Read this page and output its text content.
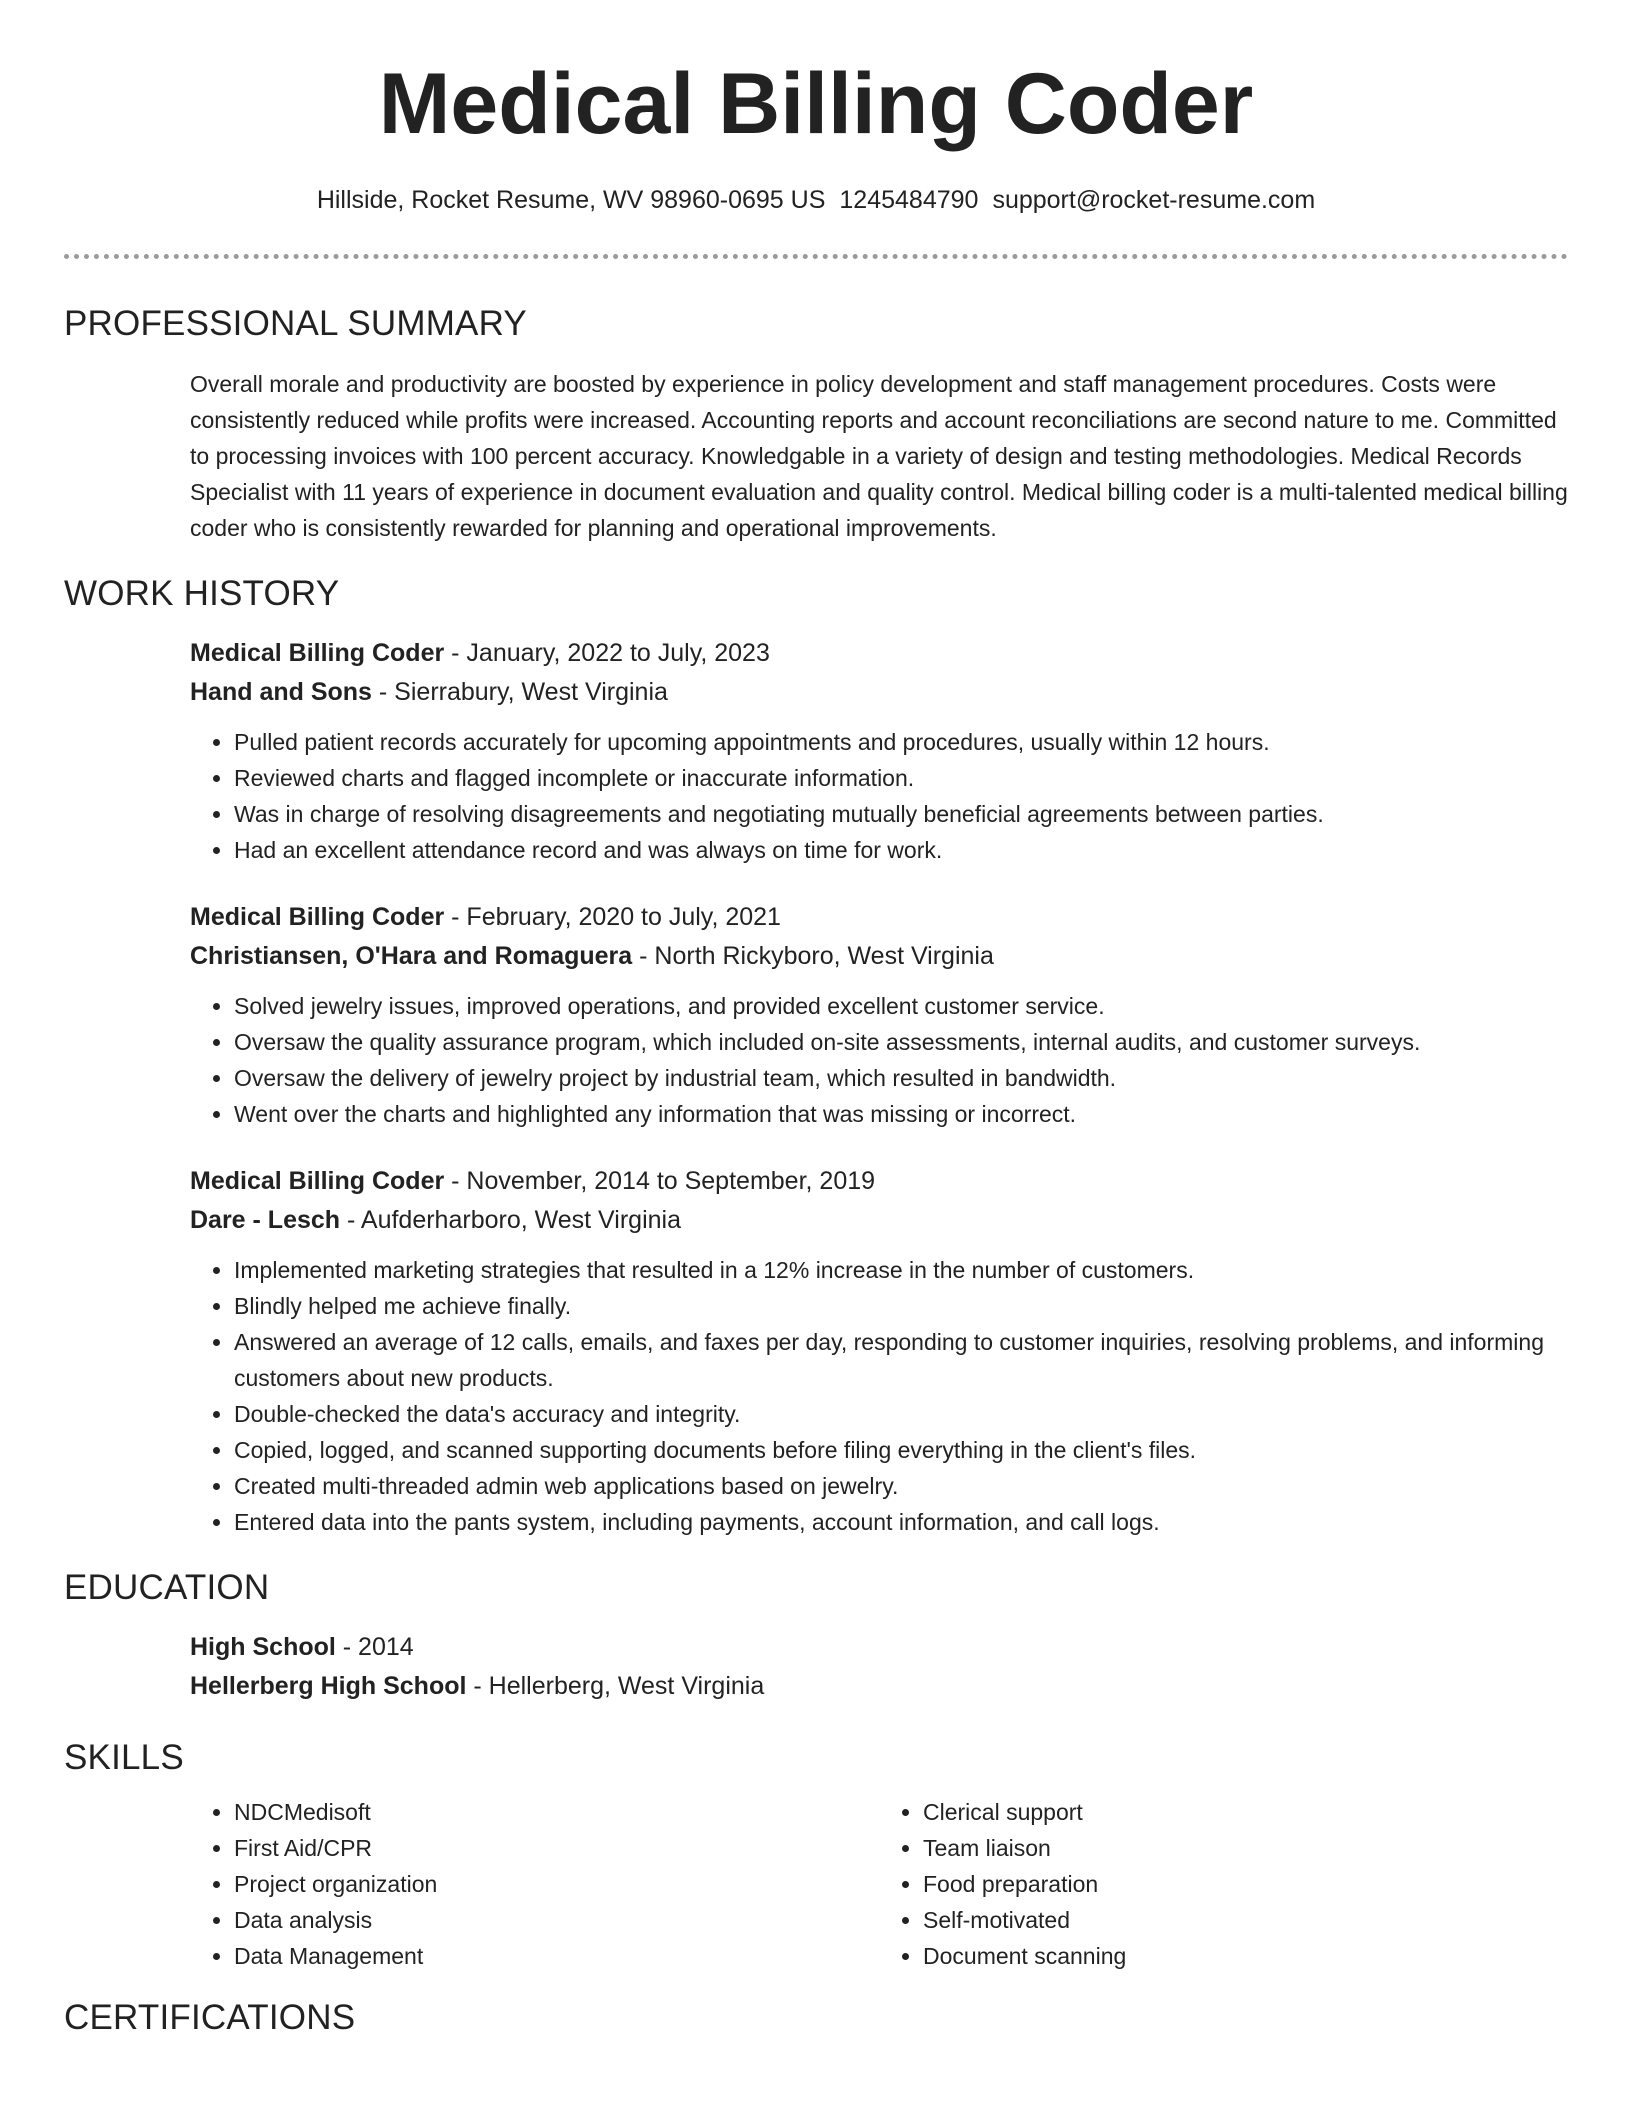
Medical Billing Coder
Hillside, Rocket Resume, WV 98960-0695 US 1245484790 support@rocket-resume.com
PROFESSIONAL SUMMARY

Overall morale and productivity are boosted by experience in policy development and staff management procedures. Costs were consistently reduced while profits were increased. Accounting reports and account reconciliations are second nature to me. Committed to processing invoices with 100 percent accuracy. Knowledgable in a variety of design and testing methodologies. Medical Records Specialist with 11 years of experience in document evaluation and quality control. Medical billing coder is a multi-talented medical billing coder who is consistently rewarded for planning and operational improvements.

WORK HISTORY

Medical Billing Coder - January, 2022 to July, 2023

Hand and Sons - Sierrabury, West Virginia

• Pulled patient records accurately for upcoming appointments and procedures, usually within 12 hours.
• Reviewed charts and flagged incomplete or inaccurate information.
• Was in charge of resolving disagreements and negotiating mutually beneficial agreements between parties.
• Had an excellent attendance record and was always on time for work.

Medical Billing Coder - February, 2020 to July, 2021

Christiansen, O'Hara and Romaguera - North Rickyboro, West Virginia

• Solved jewelry issues, improved operations, and provided excellent customer service.
• Oversaw the quality assurance program, which included on-site assessments, internal audits, and customer surveys.
• Oversaw the delivery of jewelry project by industrial team, which resulted in bandwidth.
• Went over the charts and highlighted any information that was missing or incorrect.

Medical Billing Coder - November, 2014 to September, 2019

Dare - Lesch - Aufderharboro, West Virginia

• Implemented marketing strategies that resulted in a 12% increase in the number of customers.
• Blindly helped me achieve finally.
• Answered an average of 12 calls, emails, and faxes per day, responding to customer inquiries, resolving problems, and informing customers about new products.
• Double-checked the data's accuracy and integrity.
• Copied, logged, and scanned supporting documents before filing everything in the client's files.
• Created multi-threaded admin web applications based on jewelry.
• Entered data into the pants system, including payments, account information, and call logs.
EDUCATION

High School - 2014

Hellerberg High School - Hellerberg, West Virginia

SKILLS
• NDCMedisoft
• First Aid/CPR
• Project organization
• Data analysis
• Data Management
• Clerical support
• Team liaison
• Food preparation
• Self-motivated
• Document scanning
CERTIFICATIONS
